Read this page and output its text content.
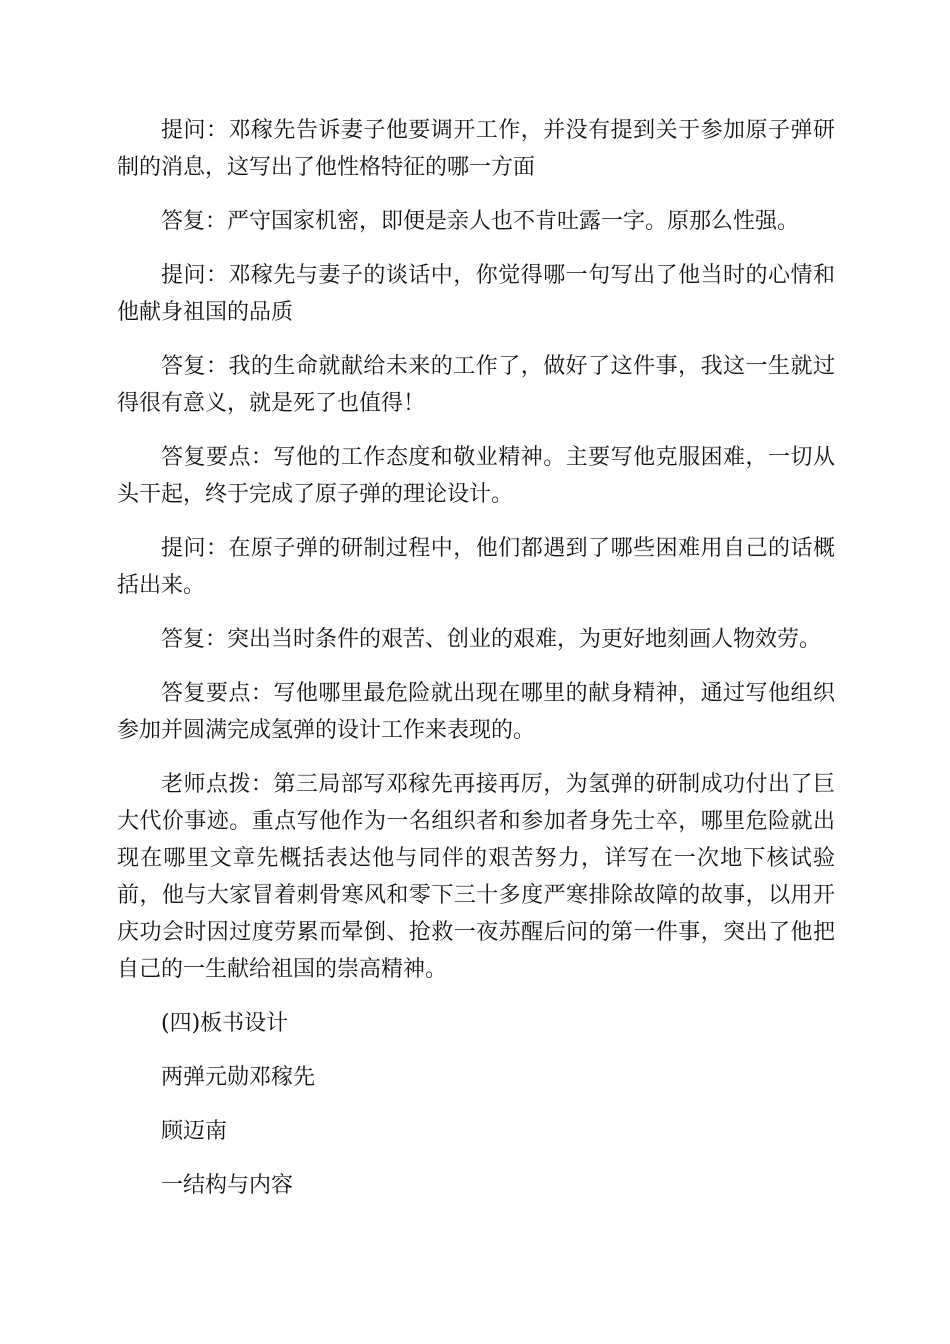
提问：邓稼先告诉妻子他要调开工作，并没有提到关于参加原子弹研制的消息，这写出了他性格特征的哪一方面

答复：严守国家机密，即便是亲人也不肯吐露一字。原那么性强。

提问：邓稼先与妻子的谈话中，你觉得哪一句写出了他当时的心情和他献身祖国的品质

答复：我的生命就献给未来的工作了，做好了这件事，我这一生就过得很有意义，就是死了也值得！

答复要点：写他的工作态度和敬业精神。主要写他克服困难，一切从头干起，终于完成了原子弹的理论设计。

提问：在原子弹的研制过程中，他们都遇到了哪些困难用自己的话概括出来。

答复：突出当时条件的艰苦、创业的艰难，为更好地刻画人物效劳。

答复要点：写他哪里最危险就出现在哪里的献身精神，通过写他组织参加并圆满完成氢弹的设计工作来表现的。

老师点拨：第三局部写邓稼先再接再厉，为氢弹的研制成功付出了巨大代价事迹。重点写他作为一名组织者和参加者身先士卒，哪里危险就出现在哪里文章先概括表达他与同伴的艰苦努力，详写在一次地下核试验前，他与大家冒着刺骨寒风和零下三十多度严寒排除故障的故事，以用开庆功会时因过度劳累而晕倒、抢救一夜苏醒后问的第一件事，突出了他把自己的一生献给祖国的崇高精神。

(四)板书设计

两弹元勋邓稼先

顾迈南

一结构与内容
